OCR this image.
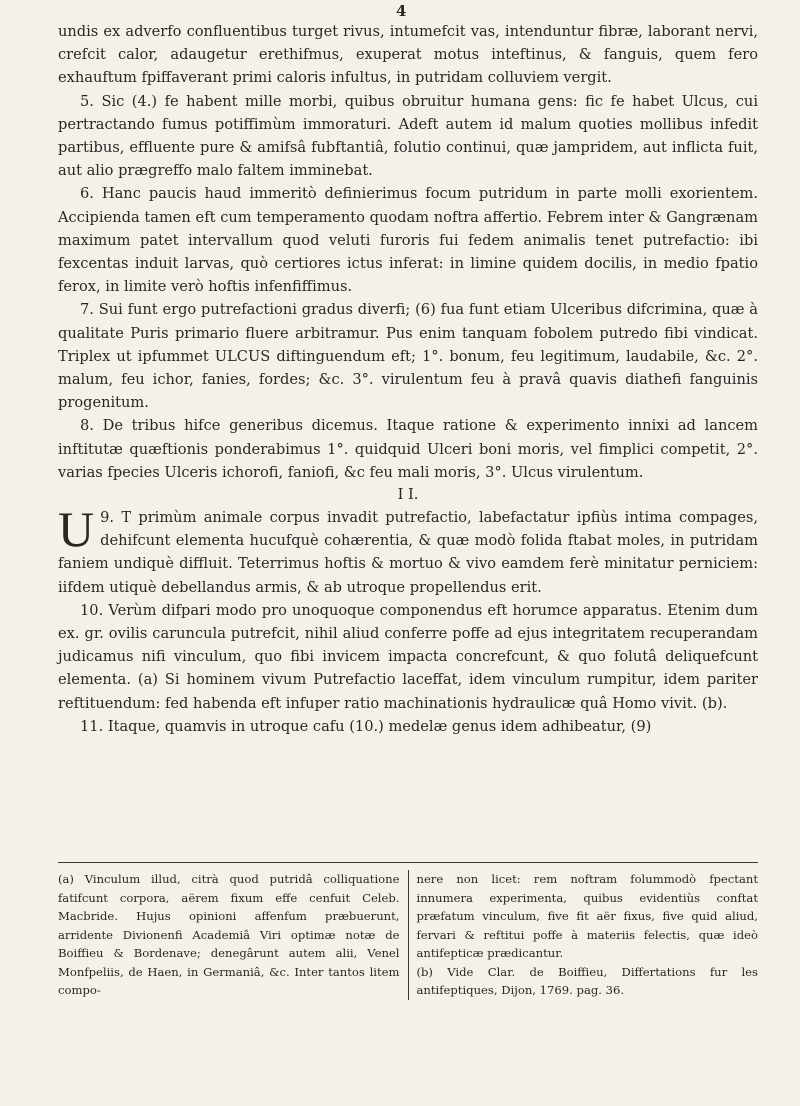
4

undis ex adverfo confluentibus turget rivus, intumefcit vas, intenduntur fibræ, laborant nervi, crefcit calor, adaugetur erethifmus, exuperat motus inteftinus, & fanguis, quem fero exhauftum fpiffaverant primi caloris infultus, in putridam colluviem vergit.

5. Sic (4.) fe habent mille morbi, quibus obruitur humana gens: fic fe habet Ulcus, cui pertractando fumus potiffimùm immoraturi. Adeft autem id malum quoties mollibus infedit partibus, effluente pure & amifsâ fubftantiâ, folutio continui, quæ jampridem, aut inflicta fuit, aut alio prægreffo malo faltem imminebat.

6. Hanc paucis haud immeritò definierimus focum putridum in parte molli exorientem. Accipienda tamen eft cum temperamento quodam noftra affertio. Febrem inter & Gangrænam maximum patet intervallum quod veluti furoris fui fedem animalis tenet putrefactio: ibi fexcentas induit larvas, quò certiores ictus inferat: in limine quidem docilis, in medio fpatio ferox, in limite verò hoftis infenfiffimus.

7. Sui funt ergo putrefactioni gradus diverfi; (6) fua funt etiam Ulceribus difcrimina, quæ à qualitate Puris primario fluere arbitramur. Pus enim tanquam fobolem putredo fibi vindicat. Triplex ut ipfummet ULCUS diftinguendum eft; 1°. bonum, feu legitimum, laudabile, &c. 2°. malum, feu ichor, fanies, fordes; &c. 3°. virulentum feu à pravâ quavis diathefi fanguinis progenitum.

8. De tribus hifce generibus dicemus. Itaque ratione & experimento innixi ad lancem inftitutæ quæftionis ponderabimus 1°. quidquid Ulceri boni moris, vel fimplici competit, 2°. varias fpecies Ulceris ichorofi, faniofi, &c feu mali moris, 3°. Ulcus virulentum.

I I.

U 9. T primùm animale corpus invadit putrefactio, labefactatur ipfiùs intima compages, dehifcunt elementa hucufquè cohærentia, & quæ modò folida ftabat moles, in putridam faniem undiquè diffluit. Teterrimus hoftis & mortuo & vivo eamdem ferè minitatur perniciem: iifdem utiquè debellandus armis, & ab utroque propellendus erit.

10. Verùm difpari modo pro unoquoque componendus eft horumce apparatus. Etenim dum ex. gr. ovilis caruncula putrefcit, nihil aliud conferre poffe ad ejus integritatem recuperandam judicamus nifi vinculum, quo fibi invicem impacta concrefcunt, & quo folutâ deliquefcunt elementa. (a) Si hominem vivum Putrefactio laceffat, idem vinculum rumpitur, idem pariter reftituendum: fed habenda eft infuper ratio machinationis hydraulicæ quâ Homo vivit. (b).

11. Itaque, quamvis in utroque cafu (10.) medelæ genus idem adhibeatur, (9)

(a) Vinculum illud, citrà quod putridâ colliquatione fatifcunt corpora, aërem fixum effe cenfuit Celeb. Macbride. Hujus opinioni affenfum præbuerunt, arridente Divionenfi Academiâ Viri optimæ notæ de Boiffieu & Bordenave; denegârunt autem alii, Venel Monfpeliis, de Haen, in Germaniâ, &c. Inter tantos litem compo-

nere non licet: rem noftram folummodò fpectant innumera experimenta, quibus evidentiùs conftat præfatum vinculum, five fit aër fixus, five quid aliud, fervari & reftitui poffe à materiis felectis, quæ ideò antifepticæ prædicantur.

(b) Vide Clar. de Boiffieu, Differtations fur les antifeptiques, Dijon, 1769. pag. 36.
